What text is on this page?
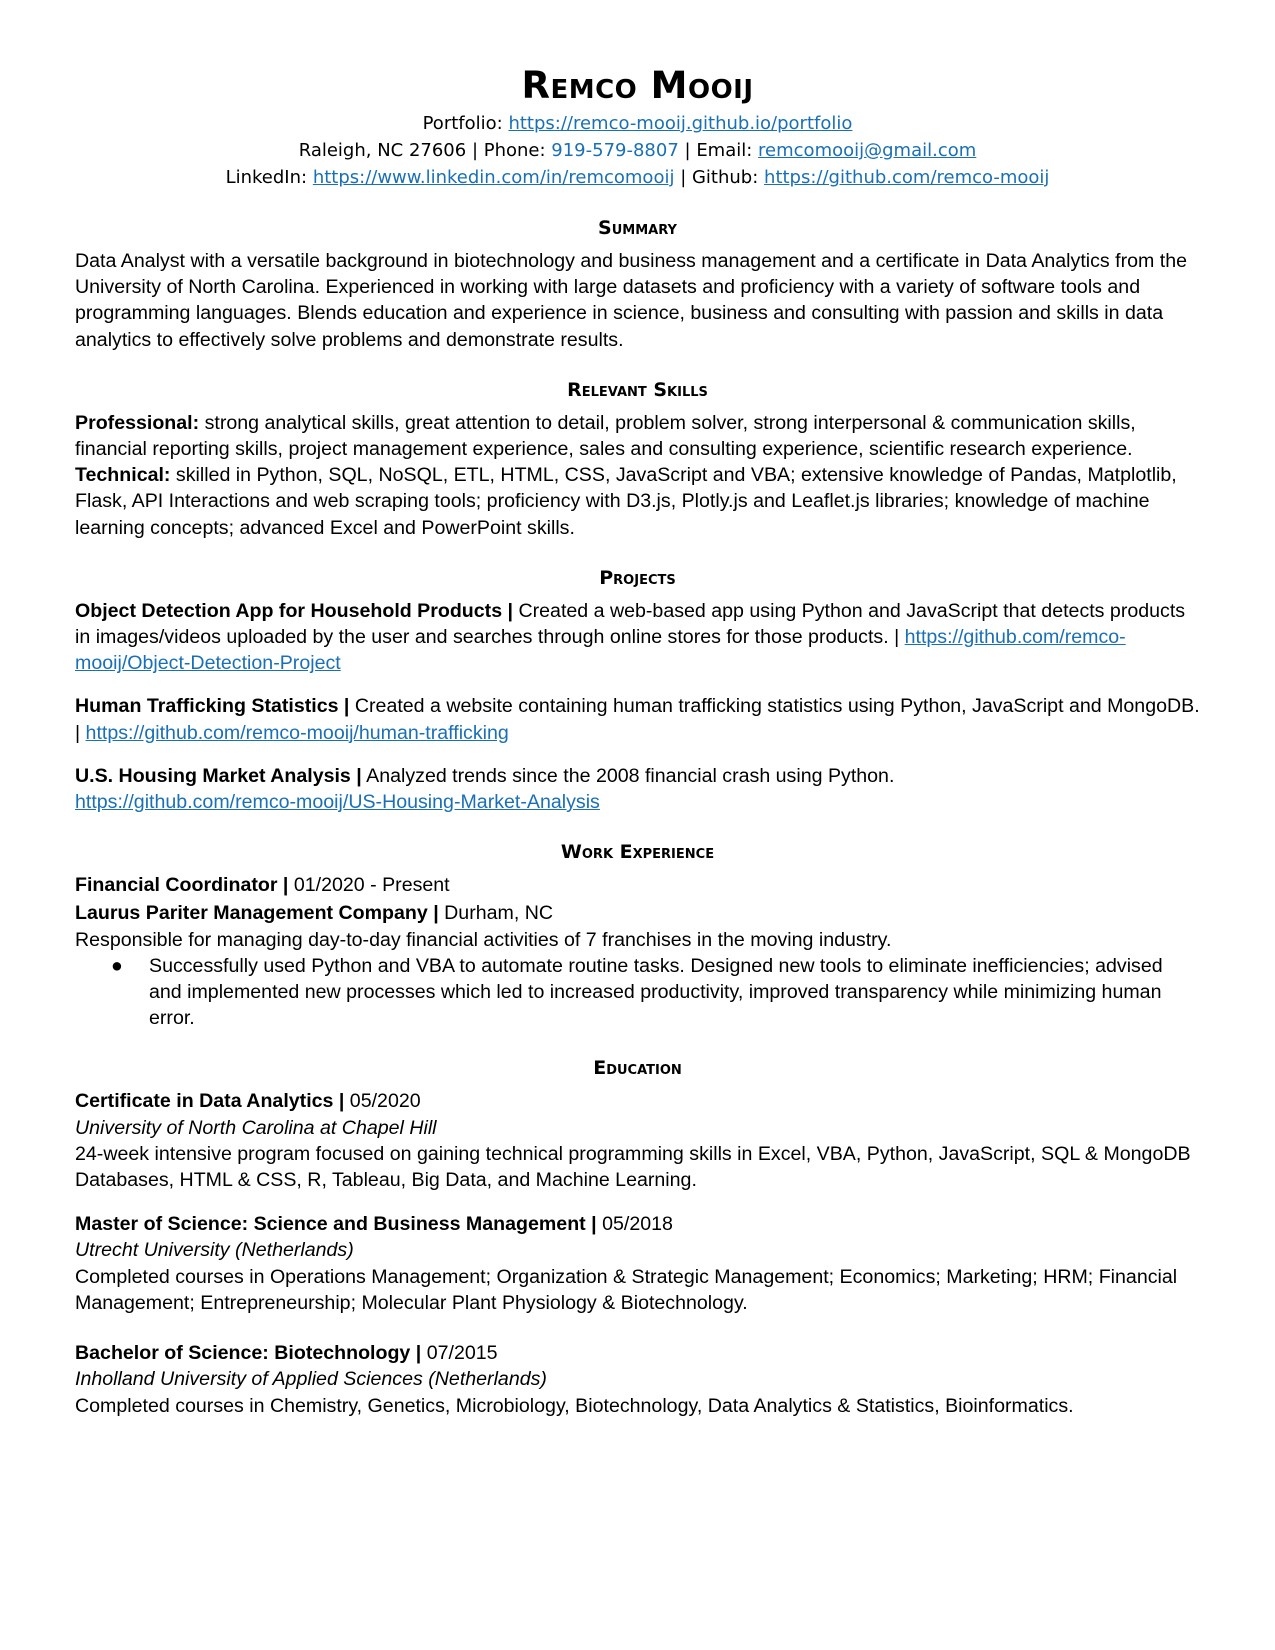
Remco Mooij
Portfolio: https://remco-mooij.github.io/portfolio
Raleigh, NC 27606 | Phone: 919-579-8807 | Email: remcomooij@gmail.com
LinkedIn: https://www.linkedin.com/in/remcomooij | Github: https://github.com/remco-mooij
Summary

Data Analyst with a versatile background in biotechnology and business management and a certificate in Data Analytics from the University of North Carolina. Experienced in working with large datasets and proficiency with a variety of software tools and programming languages. Blends education and experience in science, business and consulting with passion and skills in data analytics to effectively solve problems and demonstrate results.

Relevant Skills

Professional: strong analytical skills, great attention to detail, problem solver, strong interpersonal & communication skills, financial reporting skills, project management experience, sales and consulting experience, scientific research experience.

Technical: skilled in Python, SQL, NoSQL, ETL, HTML, CSS, JavaScript and VBA; extensive knowledge of Pandas, Matplotlib, Flask, API Interactions and web scraping tools; proficiency with D3.js, Plotly.js and Leaflet.js libraries; knowledge of machine learning concepts; advanced Excel and PowerPoint skills.

Projects

Object Detection App for Household Products | Created a web-based app using Python and JavaScript that detects products in images/videos uploaded by the user and searches through online stores for those products. | https://github.com/remco-mooij/Object-Detection-Project

Human Trafficking Statistics | Created a website containing human trafficking statistics using Python, JavaScript and MongoDB. | https://github.com/remco-mooij/human-trafficking

U.S. Housing Market Analysis | Analyzed trends since the 2008 financial crash using Python.
https://github.com/remco-mooij/US-Housing-Market-Analysis

Work Experience

Financial Coordinator | 01/2020 - Present

Laurus Pariter Management Company | Durham, NC

Responsible for managing day-to-day financial activities of 7 franchises in the moving industry.

● Successfully used Python and VBA to automate routine tasks. Designed new tools to eliminate inefficiencies; advised and implemented new processes which led to increased productivity, improved transparency while minimizing human error.
Education

Certificate in Data Analytics | 05/2020

University of North Carolina at Chapel Hill

24-week intensive program focused on gaining technical programming skills in Excel, VBA, Python, JavaScript, SQL & MongoDB Databases, HTML & CSS, R, Tableau, Big Data, and Machine Learning.

Master of Science: Science and Business Management | 05/2018

Utrecht University (Netherlands)

Completed courses in Operations Management; Organization & Strategic Management; Economics; Marketing; HRM; Financial Management; Entrepreneurship; Molecular Plant Physiology & Biotechnology.

Bachelor of Science: Biotechnology | 07/2015

Inholland University of Applied Sciences (Netherlands)

Completed courses in Chemistry, Genetics, Microbiology, Biotechnology, Data Analytics & Statistics, Bioinformatics.
